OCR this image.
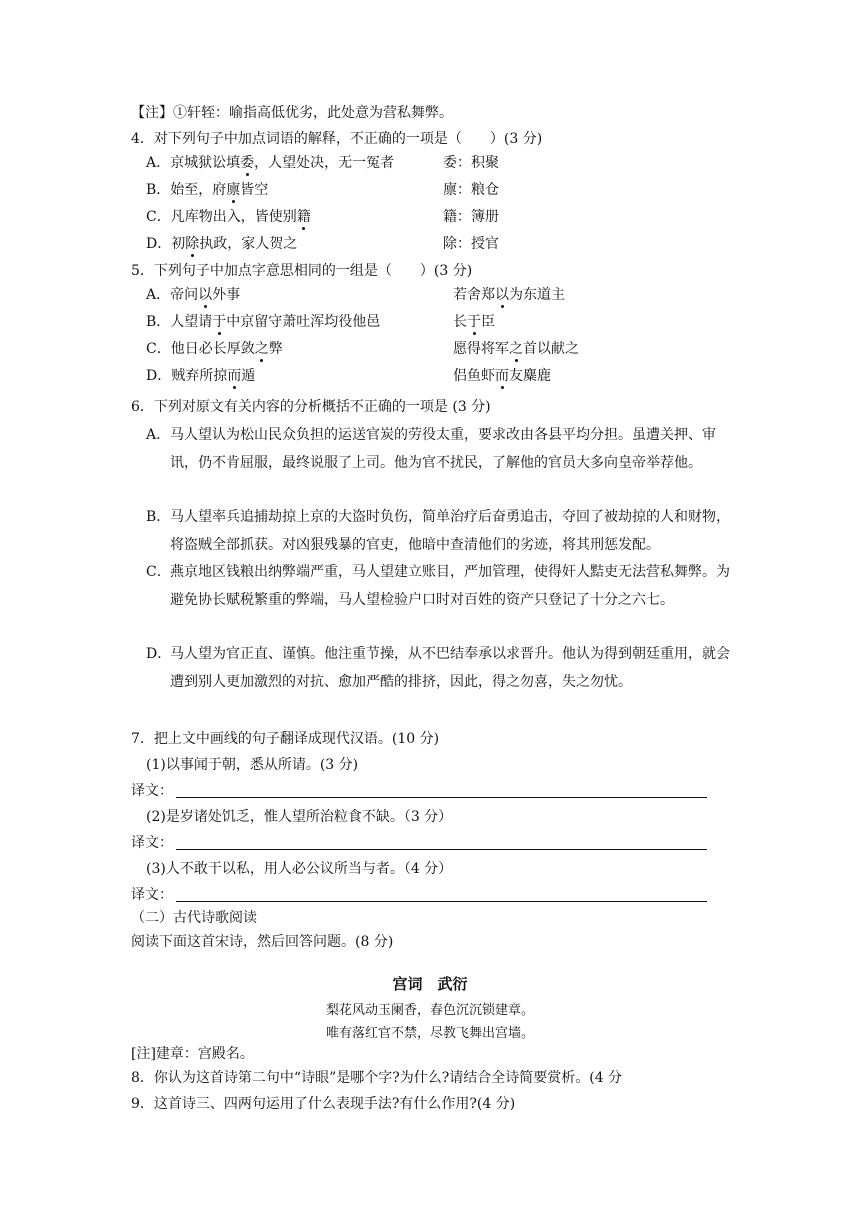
【注】①轩轾：喻指高低优劣，此处意为营私舞弊。
4．对下列句子中加点词语的解释，不正确的一项是（　　）(3 分)
A．京城狱讼填委，人望处决，无一冤者	委：积聚
B．始至，府廪皆空	廪：粮仓
C．凡库物出入，皆使别籍	籍：簿册
D．初除执政，家人贺之	除：授官
5．下列句子中加点字意思相同的一组是（　　）(3 分)
A．帝问以外事	若舍郑以为东道主
B．人望请于中京留守萧吐浑均役他邑	长于臣
C．他日必长厚敛之弊	愿得将军之首以献之
D．贼弃所掠而遁	侣鱼虾而友麋鹿
6．下列对原文有关内容的分析概括不正确的一项是 (3 分)
A． 马人望认为松山民众负担的运送官炭的劳役太重，要求改由各县平均分担。虽遭关押、审讯，仍不肯屈服，最终说服了上司。他为官不扰民，了解他的官员大多向皇帝举荐他。
B． 马人望率兵追捕劫掠上京的大盗时负伤，简单治疗后奋勇追击，夺回了被劫掠的人和财物，将盗贼全部抓获。对凶狠残暴的官吏，他暗中查清他们的劣迹，将其刑惩发配。
C． 燕京地区钱粮出纳弊端严重，马人望建立账目，严加管理，使得奸人黠吏无法营私舞弊。为避免协长赋税繁重的弊端，马人望检验户口时对百姓的资产只登记了十分之六七。
D．
马人望为官正直、谨慎。他注重节操，从不巴结奉承以求晋升。他认为得到朝廷重用，就会遭到别人更加激烈的对抗、愈加严酷的排挤，因此，得之勿喜，失之勿忧。
7．把上文中画线的句子翻译成现代汉语。(10 分)
(1)以事闻于朝，悉从所请。(3 分)
译文：
(2)是岁诸处饥乏，惟人望所治粒食不缺。（3 分）
译文：
(3)人不敢干以私，用人必公议所当与者。（4 分）
译文：
（二）古代诗歌阅读
阅读下面这首宋诗，然后回答问题。(8 分)
宫词　武衍
梨花风动玉阑香，春色沉沉锁建章。
唯有落红官不禁，尽教飞舞出宫墙。
[注]建章：宫殿名。
8．你认为这首诗第二句中“诗眼”是哪个字?为什么?请结合全诗简要赏析。(4 分
9．这首诗三、四两句运用了什么表现手法?有什么作用?(4 分)
